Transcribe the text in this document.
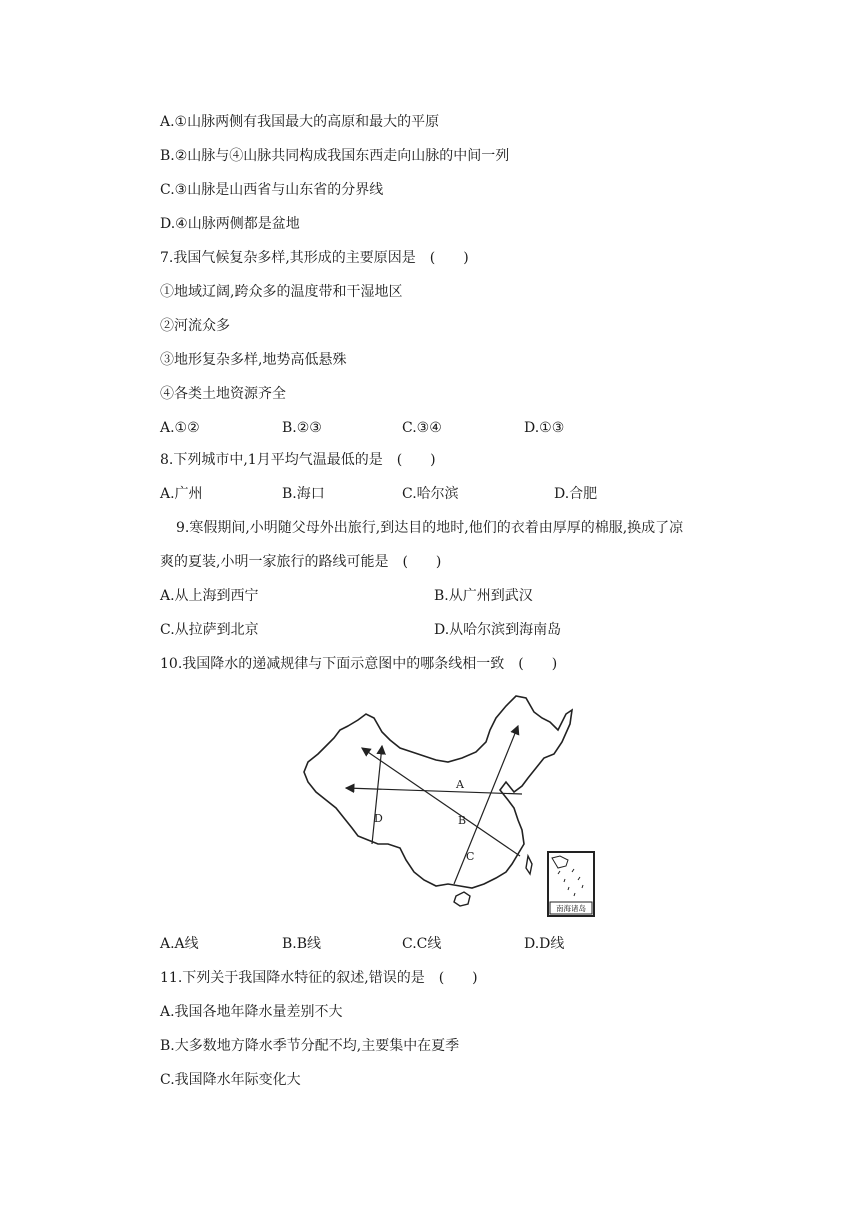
A.①山脉两侧有我国最大的高原和最大的平原
B.②山脉与④山脉共同构成我国东西走向山脉的中间一列
C.③山脉是山西省与山东省的分界线
D.④山脉两侧都是盆地
7.我国气候复杂多样,其形成的主要原因是　(　　)
①地域辽阔,跨众多的温度带和干湿地区
②河流众多
③地形复杂多样,地势高低悬殊
④各类土地资源齐全
A.①②	B.②③	C.③④	D.①③
8.下列城市中,1月平均气温最低的是　(　　)
A.广州	B.海口	C.哈尔滨	D.合肥
9.寒假期间,小明随父母外出旅行,到达目的地时,他们的衣着由厚厚的棉服,换成了凉
爽的夏装,小明一家旅行的路线可能是　(　　)
A.从上海到西宁	B.从广州到武汉
C.从拉萨到北京	D.从哈尔滨到海南岛
10.我国降水的递减规律与下面示意图中的哪条线相一致　(　　)
A
B
C
D
南海诸岛
A.A线	B.B线	C.C线	D.D线
11.下列关于我国降水特征的叙述,错误的是　(　　)
A.我国各地年降水量差别不大
B.大多数地方降水季节分配不均,主要集中在夏季
C.我国降水年际变化大
